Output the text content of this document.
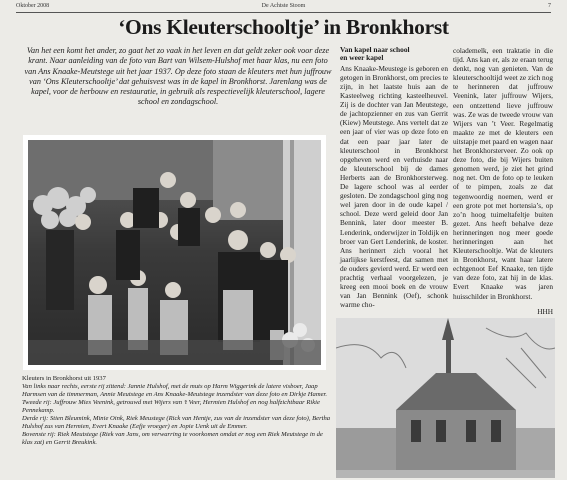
Oktober 2008	De Achtste Stoom	7
‘Ons Kleuterschooltje’ in Bronkhorst
Van het een komt het ander, zo gaat het zo vaak in het leven en dat geldt zeker ook voor deze krant. Naar aanleiding van de foto van Bart van Wilsem-Hulshof met haar klas, nu een foto van Ans Knaake-Meutstege uit het jaar 1937. Op deze foto staan de kleuters met hun juffrouw van ‘Ons Kleuterschooltje’ dat gehuisvest was in de kapel in Bronkhorst. Jarenlang was de kapel, voor de herbouw en restauratie, in gebruik als respectievelijk kleuterschool, lagere school en zondagschool.
Kleuters in Bronkhorst uit 1937
Van links naar rechts, eerste rij zittend: Jannie Hulshof, met de muts op Harm Wiggerink de latere visboer, Jaap Harmsen van de timmerman, Annie Meutstege en Ans Knaake-Meutstege inzendster van deze foto en Dirkje Hamer.
Tweede rij: Juffrouw Mies Veenink, getrouwd met Wijers van ’t Veer, Hermien Hulshof en nog halfzichtbaar Rikie Pennekamp.
Derde rij: Stien Bleumink, Minie Oink, Riek Meustege (Rick van Hentje, zus van de inzendster van deze foto), Bertha Hulshof zus van Hermien, Evert Knaake (Eefje vroeger) en Jopie Uenk uit de Emmer.
Bovenste rij: Riek Meutstege (Riek van Jans, om verwarring te voorkomen omdat er nog een Riek Meutstege in de klas zat) en Gerrit Breukink.
Van kapel naar school
en weer kapel
Ans Knaake-Meustege is geboren en getogen in Bronkhorst, om precies te zijn, in het laatste huis aan de Kasteelweg richting kasteelheuvel. Zij is de dochter van Jan Meutstege, de jachtopzienner en zus van Gerrit (Kiew) Meutstege. Ans vertelt dat ze een jaar of vier was op deze foto en dat een paar jaar later de kleuterschool in Bronkhorst opgeheven werd en verhuisde naar de kleuterschool bij de dames Herberts aan de Bronkhorsterweg. De lagere school was al eerder gesloten. De zondagschool ging nog wel jaren door in de oude kapel / school. Deze werd geleid door Jan Bennink, later door meester B. Lenderink, onderwijzer in Toldijk en broer van Gert Lenderink, de koster. Ans herinnert zich vooral het jaarlijkse kerstfeest, dat samen met de ouders gevierd werd. Er werd een prachtig verhaal voorgelezen, je kreeg een mooi boek en de vrouw van Jan Bennink (Oef), schonk warme cho-
colademelk, een traktatie in die tijd. Ans kan er, als ze eraan terug denkt, nog van genieten. Van de kleuterschooltijd weet ze zich nog te herinneren dat juffrouw Veenink, later juffrouw Wijers, een ontzettend lieve juffrouw was. Ze was de tweede vrouw van Wijers van ’t Veer. Regelmatig maakte ze met de kleuters een uitstapje met paard en wagen naar het Bronkhorsterveer. Zo ook op deze foto, die bij Wijers buiten genomen werd, je ziet het grind nog net. Om de foto op te leuken of te pimpen, zoals ze dat tegenwoordig noemen, werd er een grote pot met hortensia’s, op zo’n hoog tuimeltafeltje buiten gezet. Ans heeft behalve deze herinneringen nog meer goede herinneringen aan het Kleuterschooltje. Wat de kleuters in Bronkhorst, want haar latere echtgenoot Eef Knaake, ten tijde van deze foto, zat hij in de klas. Evert Knaake was jaren huisschilder in Bronkhorst.
HHH
